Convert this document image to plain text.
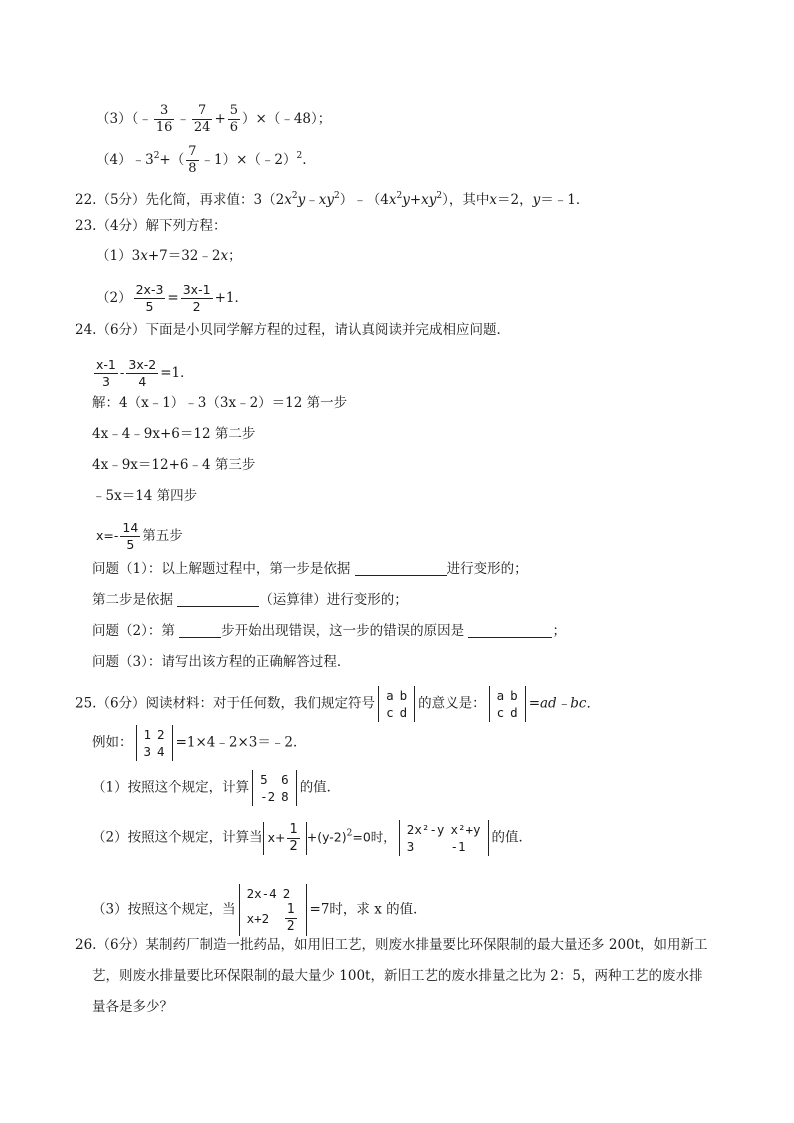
（3）（﹣ $\frac{3}{16}$ ﹣ $\frac{7}{24} + \frac{5}{6}$ ）×（﹣48）；
$(4)﹣3^2+( \frac{7}{8}$ ﹣1）×（﹣2）$^2$.
22.（5分）先化简，再求值：$3(2x^2y﹣xy^2)﹣(4x^2y+xy^2)$，其中x＝2，y＝﹣1．
23.（4分）解下列方程：
（1）3x+7＝32﹣2x；
$(2) \frac{2x-3}{5} = \frac{3x-1}{2} +1$．
24.（6分）下面是小贝同学解方程的过程，请认真阅读并完成相应问题．
$\frac{x-1}{3} - \frac{3x-2}{4} =1$．
解：4（x﹣1）﹣3（3x﹣2）＝12 第一步
4x﹣4﹣9x+6＝12 第二步
4x﹣9x＝12+6﹣4 第三步
﹣5x＝14 第四步
$x=- \frac{14}{5}$ 第五步
问题（1）：以上解题过程中，第一步是依据	进行变形的；
第二步是依据	（运算律）进行变形的；
问题（2）：第	步开始出现错误，这一步的错误的原因是	；
问题（3）：请写出该方程的正确解答过程．
25.（6分）阅读材料：对于任何数，我们规定符号 a	b
c	d
的意义是： a	b
c	d
=ad﹣bc．
例如： 1	2
3	4
=1×4﹣2×3＝﹣2．
（1）按照这个规定，计算 5	6
-2	8
的值．
（2）按照这个规定，计算当 $x+ \frac{1}{2} +(y-2)^2=0$时， 2x²-y	x²+y
3	-1
的值．
（3）按照这个规定，当
2x-4	2
x+2	$\frac{1}{2} =7$时，求 x 的值．
26.（6分）某制药厂制造一批药品，如用旧工艺，则废水排量要比环保限制的最大量还多 200t，如用新工
艺，则废水排量要比环保限制的最大量少 100t，新旧工艺的废水排量之比为 2：5，两种工艺的废水排
量各是多少？
